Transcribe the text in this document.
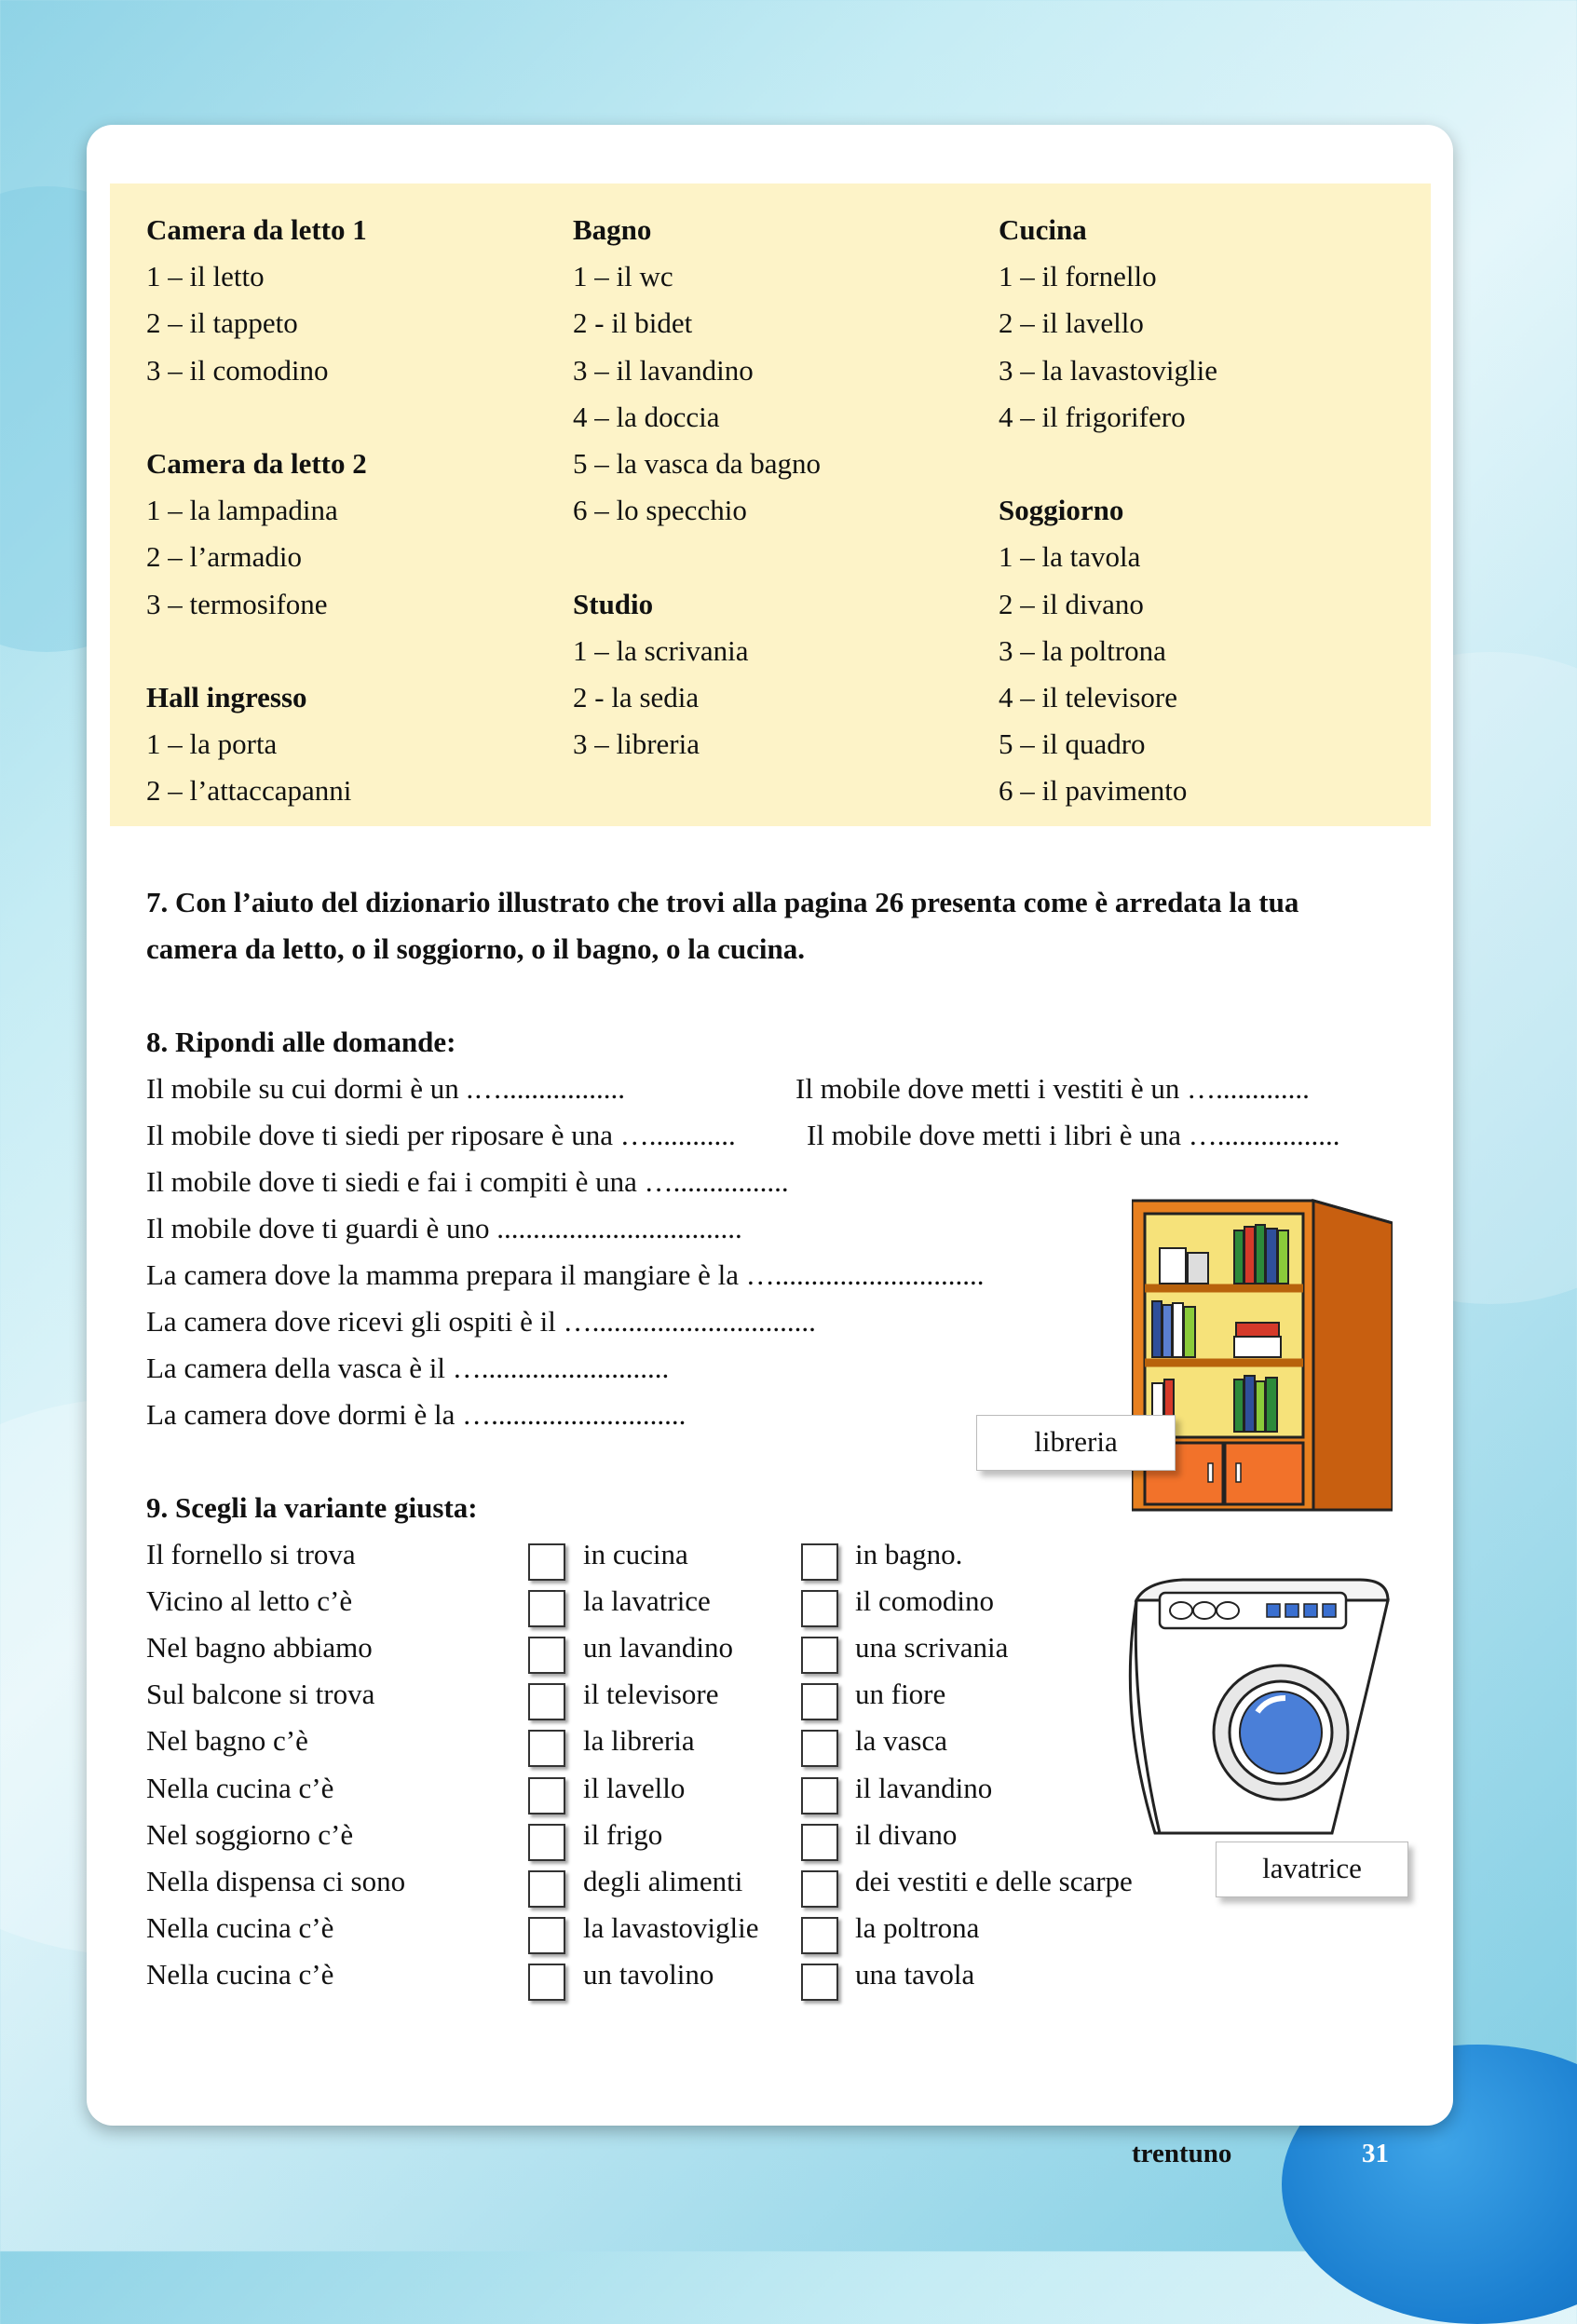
Camera da letto 1
1 – il letto
2 – il tappeto
3 – il comodino
Camera da letto 2
1 – la lampadina
2 – l’armadio
3 – termosifone
Hall ingresso
1 – la porta
2 – l’attaccapanni
Bagno
1 – il wc
2 - il bidet
3 – il lavandino
4 – la doccia
5 – la vasca da bagno
6 – lo specchio
Studio
1 – la scrivania
2 - la sedia
3 – libreria
Cucina
1 – il fornello
2 – il lavello
3 – la lavastoviglie
4 – il frigorifero
Soggiorno
1 – la tavola
2 – il divano
3 – la poltrona
4 – il televisore
5 – il quadro
6 – il pavimento
7. Con l’aiuto del dizionario illustrato che trovi alla pagina 26 presenta come è arredata la tua
camera da letto, o il soggiorno, o il bagno, o la cucina.
8. Ripondi alle domande:
Il mobile su cui dormi è un .….................	Il mobile dove metti i vestiti è un ….............
Il mobile dove ti siedi per riposare è una …............ Il mobile dove metti i libri è una ….................
Il mobile dove ti siedi e fai i compiti è una …................
Il mobile dove ti guardi è uno ..................................
La camera dove la mamma prepara il mangiare è la ….............................
La camera dove ricevi gli ospiti è il …...............................
La camera della vasca è il …..........................
La camera dove dormi è la …...........................
libreria
9. Scegli la variante giusta:
Il fornello si trova	in cucina	in bagno.
Vicino al letto c’è	la lavatrice	il comodino
Nel bagno abbiamo	un lavandino	una scrivania
Sul balcone si trova	il televisore	un fiore
Nel bagno c’è	la libreria	la vasca
Nella cucina c’è	il lavello	il lavandino
Nel soggiorno c’è	il frigo	il divano
Nella dispensa ci sono	degli alimenti	dei vestiti e delle scarpe
Nella cucina c’è	la lavastoviglie	la poltrona
Nella cucina c’è	un tavolino	una tavola
lavatrice
trentuno	31
